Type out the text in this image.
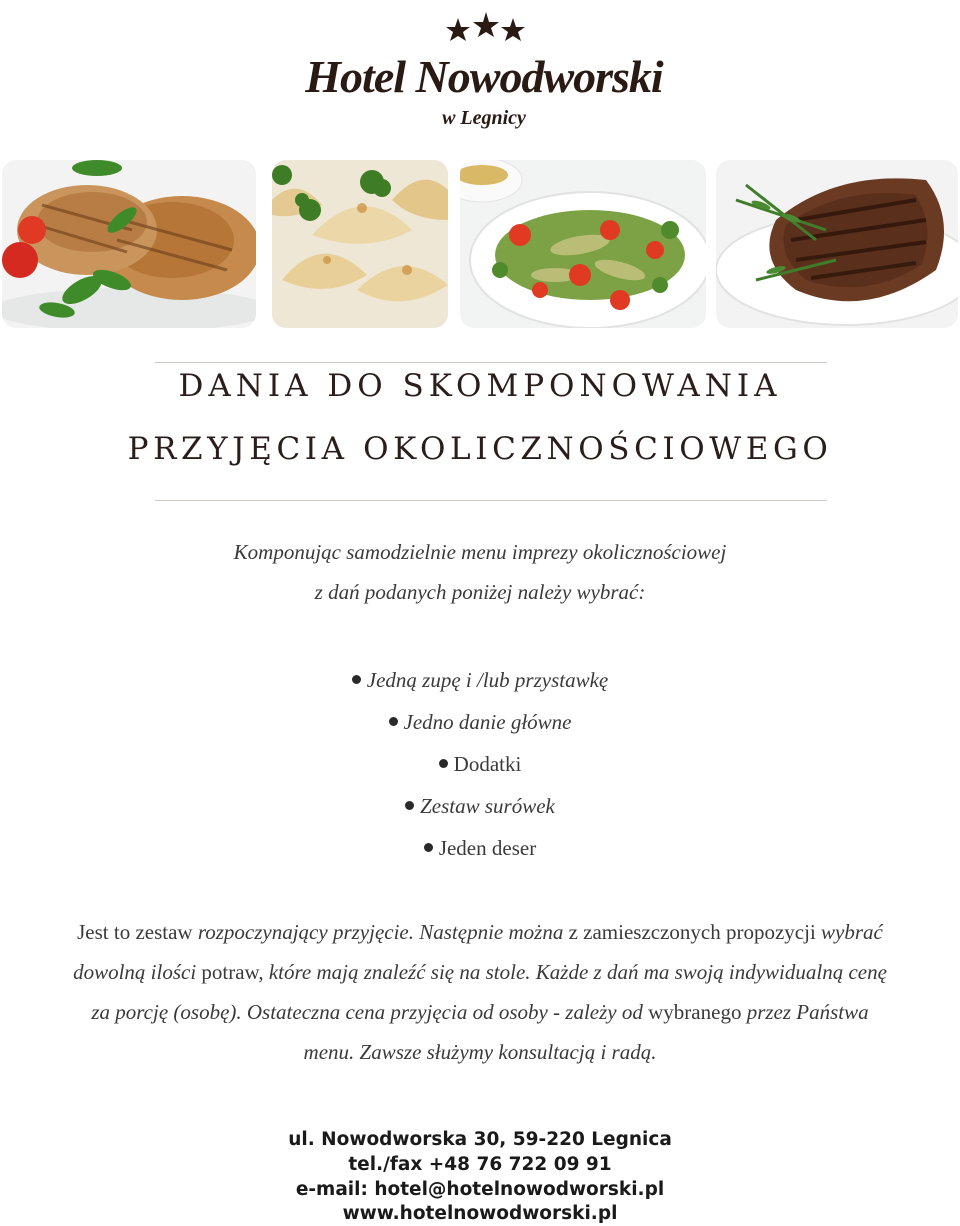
Hotel Nowodworski
w Legnicy
DANIA DO SKOMPONOWANIA
PRZYJĘCIA OKOLICZNOŚCIOWEGO
Komponując samodzielnie menu imprezy okolicznościowej
z dań podanych poniżej należy wybrać:
Jedną zupę i /lub przystawkę
Jedno danie główne
Dodatki
Zestaw surówek
Jeden deser
Jest to zestaw rozpoczynający przyjęcie. Następnie można z zamieszczonych propozycji wybrać dowolną ilości potraw, które mają znaleźć się na stole. Każde z dań ma swoją indywidualną cenę za porcję (osobę). Ostateczna cena przyjęcia od osoby - zależy od wybranego przez Państwa menu. Zawsze służymy konsultacją i radą.
ul. Nowodworska 30, 59-220 Legnica
tel./fax +48 76 722 09 91
e-mail: hotel@hotelnowodworski.pl
www.hotelnowodworski.pl
